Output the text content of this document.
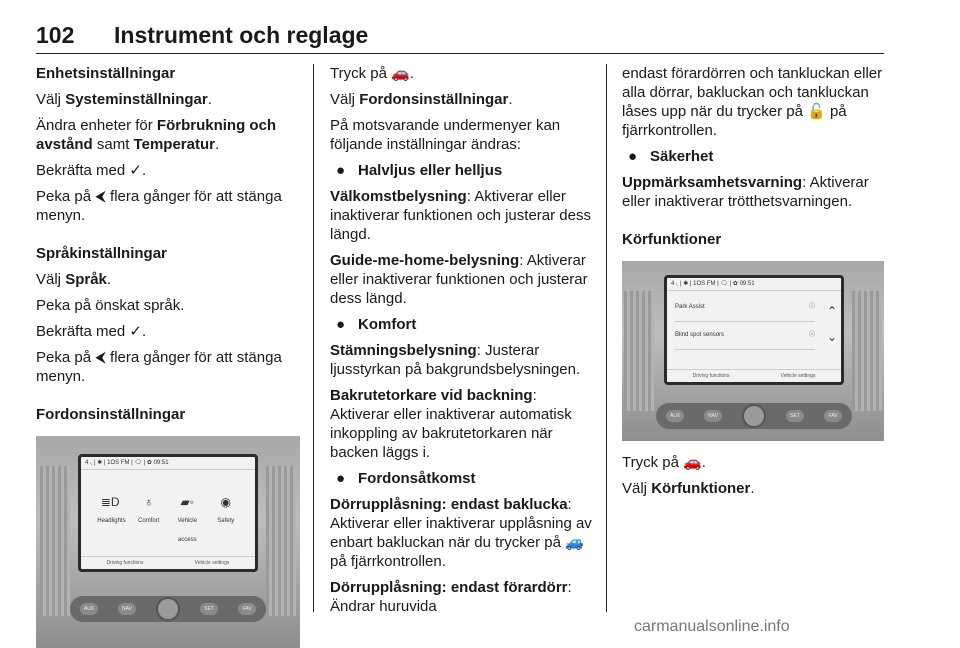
102 Instrument och reglage

Enhetsinställningar

Välj Systeminställningar.

Ändra enheter för Förbrukning och avstånd samt Temperatur.

Bekräfta med ✓.

Peka på ⮜ flera gånger för att stänga menyn.

Språkinställningar

Välj Språk.

Peka på önskat språk.

Bekräfta med ✓.

Peka på ⮜ flera gånger för att stänga menyn.

Fordonsinställningar

4 ◟ | ✱ | 1OS FM | 🗨 | ✿ 09:51
≣D
Headlights
♁
Comfort
▰◦
Vehicle access
◉
Safety
Driving functions	Vehicle settings
AUX	NAV	SET	FAV

Tryck på 🚗.

Välj Fordonsinställningar.

På motsvarande undermenyer kan följande inställningar ändras:

● Halvljus eller helljus

Välkomstbelysning: Aktiverar eller inaktiverar funktionen och justerar dess längd.

Guide-me-home-belysning: Aktiverar eller inaktiverar funktionen och justerar dess längd.

● Komfort

Stämningsbelysning: Justerar ljusstyrkan på bakgrundsbelysningen.

Bakrutetorkare vid backning: Aktiverar eller inaktiverar automatisk inkoppling av bakrutetorkaren när backen läggs i.

● Fordonsåtkomst

Dörrupplåsning: endast baklucka: Aktiverar eller inaktiverar upplåsning av enbart bakluckan när du trycker på 🚙 på fjärrkontrollen.

Dörrupplåsning: endast förardörr: Ändrar huruvida

endast förardörren och tankluckan eller alla dörrar, bakluckan och tankluckan låses upp när du trycker på 🔓 på fjärrkontrollen.

● Säkerhet

Uppmärksamhetsvarning: Aktiverar eller inaktiverar trötthetsvarningen.

Körfunktioner

4 ◟ | ✱ | 1OS FM | 🗨 | ✿ 09:51
Park Assist	ⓘ
Blind spot sensors	ⓘ
⌃
⌄
Driving functions	Vehicle settings
AUX	NAV	SET	FAV

Tryck på 🚗.

Välj Körfunktioner.

carmanualsonline.info
